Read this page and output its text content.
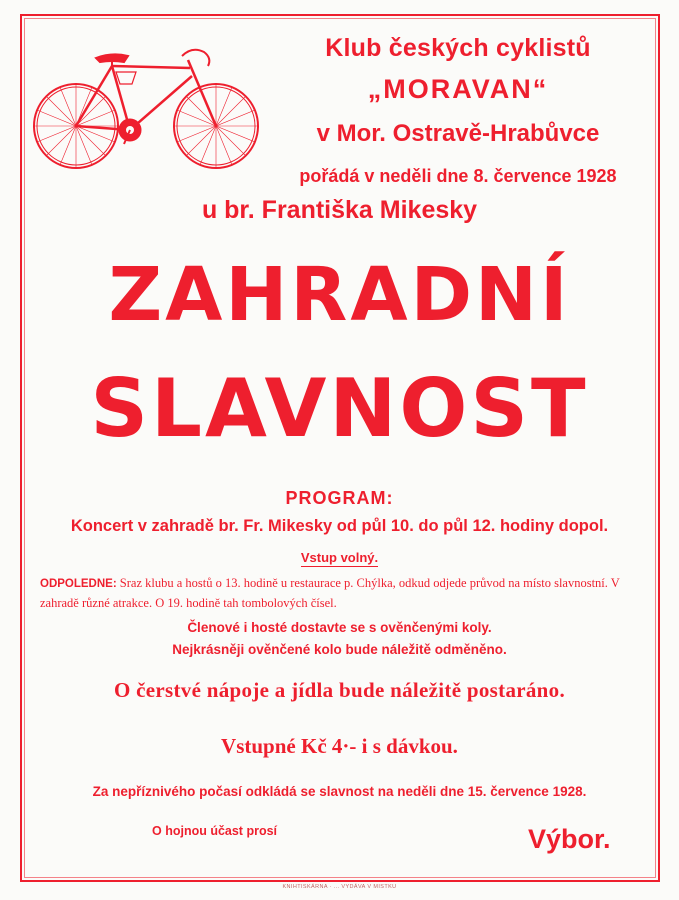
Klub českých cyklistů

„MORAVAN“

v Mor. Ostravě-Hrabůvce

pořádá v neděli dne 8. července 1928

u br. Františka Mikesky

ZAHRADNÍ

SLAVNOST

PROGRAM:

Koncert v zahradě br. Fr. Mikesky od půl 10. do půl 12. hodiny dopol.

Vstup volný.

ODPOLEDNE: Sraz klubu a hostů o 13. hodině u restaurace p. Chýlka, odkud odjede průvod na místo slavnostní. V zahradě různé atrakce. O 19. hodině tah tombolových čísel.

Členové i hosté dostavte se s ověnčenými koly.

Nejkrásněji ověnčené kolo bude náležitě odměněno.

O čerstvé nápoje a jídla bude náležitě postaráno.

Vstupné Kč 4·- i s dávkou.

Za nepříznivého počasí odkládá se slavnost na neděli dne 15. července 1928.

O hojnou účast prosí	Výbor.

KNIHTISKÁRNA · ... VYDÁVA V MISTKU
